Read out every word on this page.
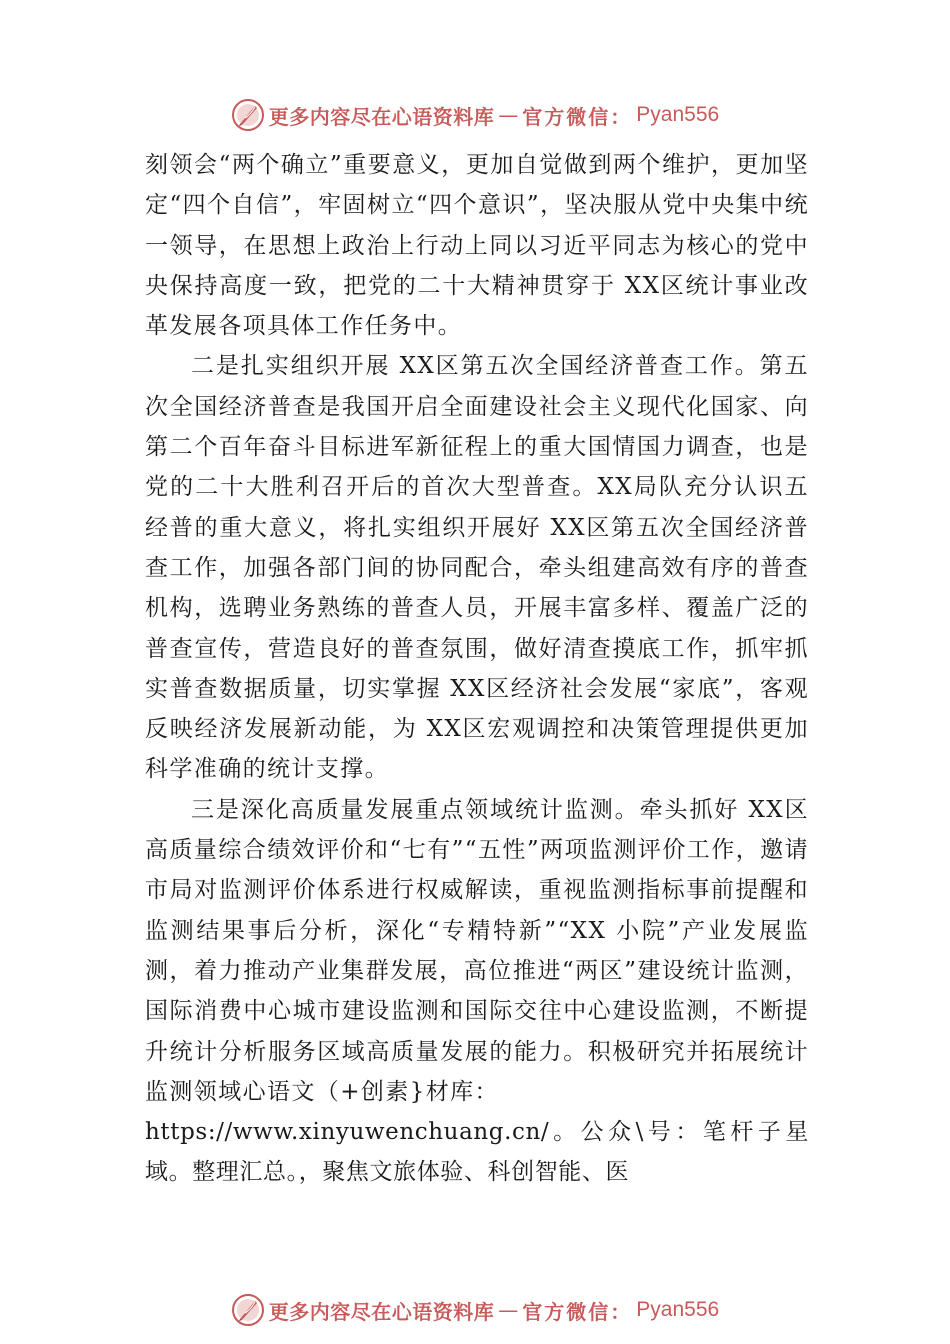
更多内容尽在心语资料库 — 官方微信： Pyan556

刻领会“两个确立”重要意义，更加自觉做到两个维护，更加坚定“四个自信”，牢固树立“四个意识”，坚决服从党中央集中统一领导，在思想上政治上行动上同以习近平同志为核心的党中央保持高度一致，把党的二十大精神贯穿于 XX区统计事业改革发展各项具体工作任务中。

二是扎实组织开展 XX区第五次全国经济普查工作。第五次全国经济普查是我国开启全面建设社会主义现代化国家、向第二个百年奋斗目标进军新征程上的重大国情国力调查，也是党的二十大胜利召开后的首次大型普查。XX局队充分认识五经普的重大意义，将扎实组织开展好 XX区第五次全国经济普查工作，加强各部门间的协同配合，牵头组建高效有序的普查机构，选聘业务熟练的普查人员，开展丰富多样、覆盖广泛的普查宣传，营造良好的普查氛围，做好清查摸底工作，抓牢抓实普查数据质量，切实掌握 XX区经济社会发展“家底”，客观反映经济发展新动能，为 XX区宏观调控和决策管理提供更加科学准确的统计支撑。

三是深化高质量发展重点领域统计监测。牵头抓好 XX区高质量综合绩效评价和“七有”“五性”两项监测评价工作，邀请市局对监测评价体系进行权威解读，重视监测指标事前提醒和监测结果事后分析，深化“专精特新”“XX 小院”产业发展监测，着力推动产业集群发展，高位推进“两区”建设统计监测，国际消费中心城市建设监测和国际交往中心建设监测，不断提升统计分析服务区域高质量发展的能力。积极研究并拓展统计监测领域心语文（+创素}材库：

https://www.xinyuwenchuang.cn/。公众\号：笔杆子星域。整理汇总。，聚焦文旅体验、科创智能、医

更多内容尽在心语资料库 — 官方微信： Pyan556
